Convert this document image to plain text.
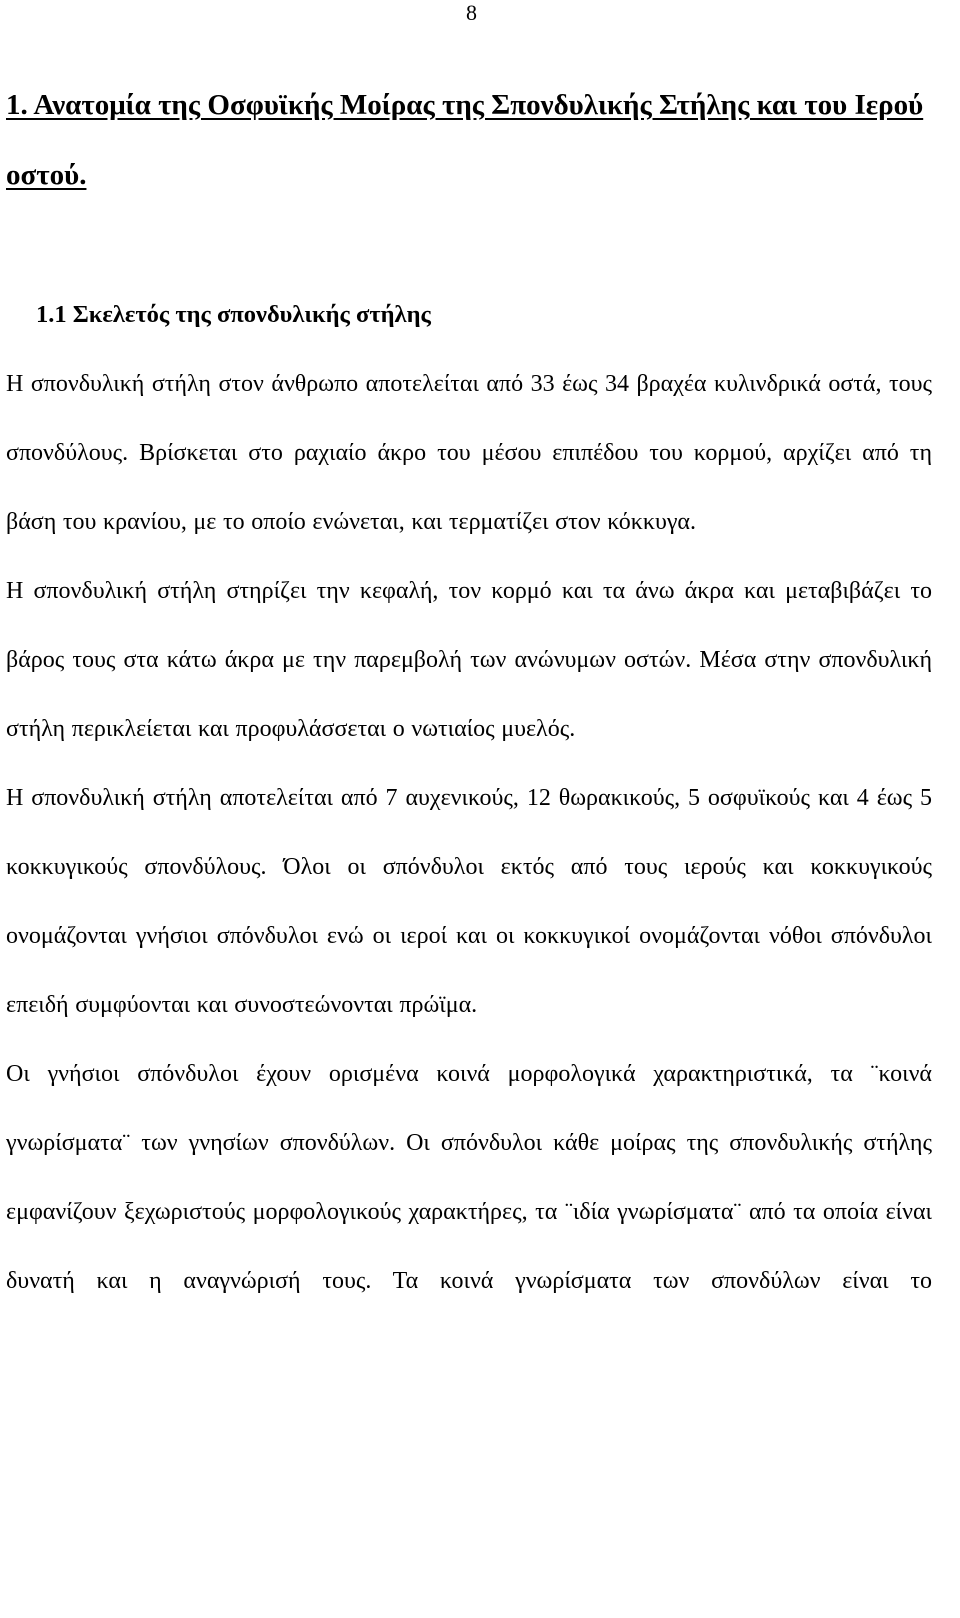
8
1. Ανατομία της Οσφυϊκής Μοίρας της Σπονδυλικής Στήλης και του Ιερού οστού.
1.1 Σκελετός της σπονδυλικής στήλης

Η σπονδυλική στήλη στον άνθρωπο αποτελείται από 33 έως 34 βραχέα κυλινδρικά οστά, τους σπονδύλους. Βρίσκεται στο ραχιαίο άκρο του μέσου επιπέδου του κορμού, αρχίζει από τη βάση του κρανίου, με το οποίο ενώνεται, και τερματίζει στον κόκκυγα.

Η σπονδυλική στήλη στηρίζει την κεφαλή, τον κορμό και τα άνω άκρα και μεταβιβάζει το βάρος τους στα κάτω άκρα με την παρεμβολή των ανώνυμων οστών. Μέσα στην σπονδυλική στήλη περικλείεται και προφυλάσσεται ο νωτιαίος μυελός.

Η σπονδυλική στήλη αποτελείται από 7 αυχενικούς, 12 θωρακικούς, 5 οσφυϊκούς και 4 έως 5 κοκκυγικούς σπονδύλους. Όλοι οι σπόνδυλοι εκτός από τους ιερούς και κοκκυγικούς ονομάζονται γνήσιοι σπόνδυλοι ενώ οι ιεροί και οι κοκκυγικοί ονομάζονται νόθοι σπόνδυλοι επειδή συμφύονται και συνοστεώνονται πρώϊμα.

Οι γνήσιοι σπόνδυλοι έχουν ορισμένα κοινά μορφολογικά χαρακτηριστικά, τα ¨κοινά γνωρίσματα¨ των γνησίων σπονδύλων. Οι σπόνδυλοι κάθε μοίρας της σπονδυλικής στήλης εμφανίζουν ξεχωριστούς μορφολογικούς χαρακτήρες, τα ¨ιδία γνωρίσματα¨ από τα οποία είναι δυνατή και η αναγνώρισή τους. Τα κοινά γνωρίσματα των σπονδύλων είναι το
